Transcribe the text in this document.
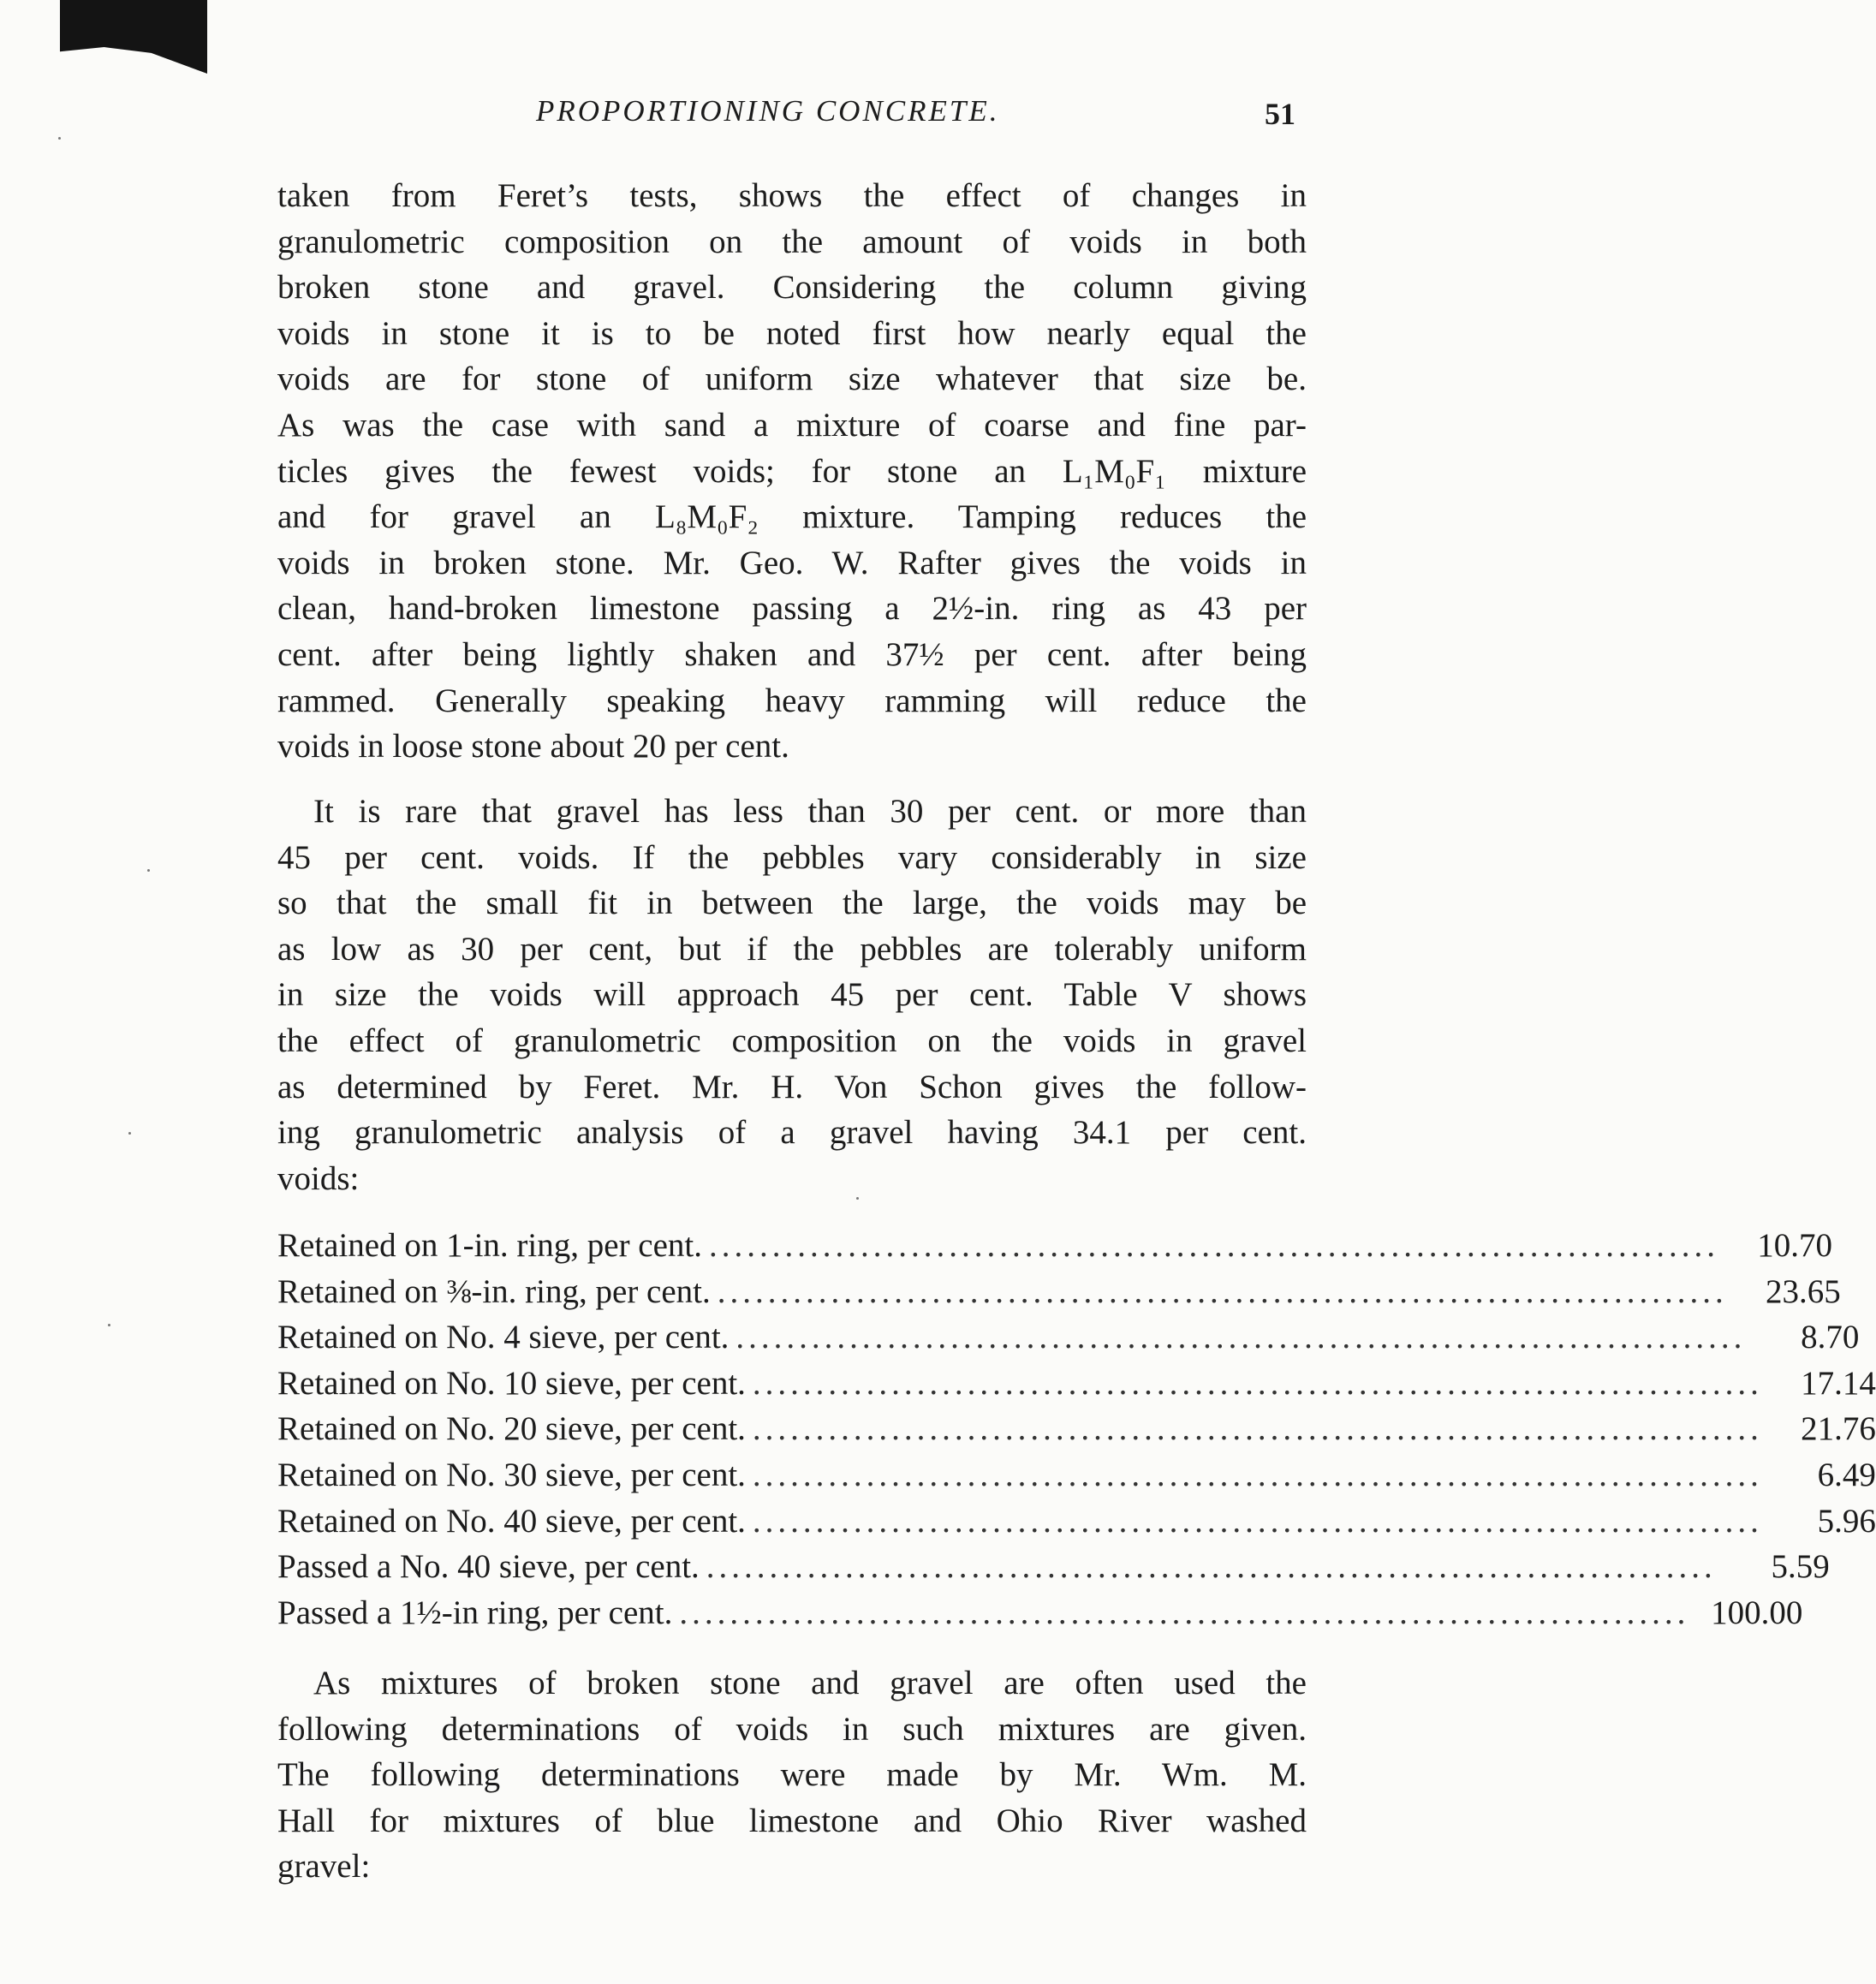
PROPORTIONING CONCRETE.	51
taken from Feret’s tests, shows the effect of changes in
granulometric composition on the amount of voids in both
broken stone and gravel. Considering the column giving
voids in stone it is to be noted first how nearly equal the
voids are for stone of uniform size whatever that size be.
As was the case with sand a mixture of coarse and fine par-
ticles gives the fewest voids; for stone an L₁M₀F₁ mixture
and for gravel an L₈M₀F₂ mixture. Tamping reduces the
voids in broken stone. Mr. Geo. W. Rafter gives the voids in
clean, hand-broken limestone passing a 2½-in. ring as 43 per
cent. after being lightly shaken and 37½ per cent. after being
rammed. Generally speaking heavy ramming will reduce the
voids in loose stone about 20 per cent.
It is rare that gravel has less than 30 per cent. or more than
45 per cent. voids. If the pebbles vary considerably in size
so that the small fit in between the large, the voids may be
as low as 30 per cent, but if the pebbles are tolerably uniform
in size the voids will approach 45 per cent. Table V shows
the effect of granulometric composition on the voids in gravel
as determined by Feret. Mr. H. Von Schon gives the follow-
ing granulometric analysis of a gravel having 34.1 per cent.
voids:
Retained on 1-in. ring, per cent. ................................................................................	10.70
Retained on ⅜-in. ring, per cent. ................................................................................	23.65
Retained on No. 4 sieve, per cent. ................................................................................	8.70
Retained on No. 10 sieve, per cent. ................................................................................	17.14
Retained on No. 20 sieve, per cent. ................................................................................	21.76
Retained on No. 30 sieve, per cent. ................................................................................	6.49
Retained on No. 40 sieve, per cent. ................................................................................	5.96
Passed a No. 40 sieve, per cent. ................................................................................	5.59
Passed a 1½-in ring, per cent. ................................................................................ 100.00
As mixtures of broken stone and gravel are often used the
following determinations of voids in such mixtures are given.
The following determinations were made by Mr. Wm. M.
Hall for mixtures of blue limestone and Ohio River washed
gravel:
